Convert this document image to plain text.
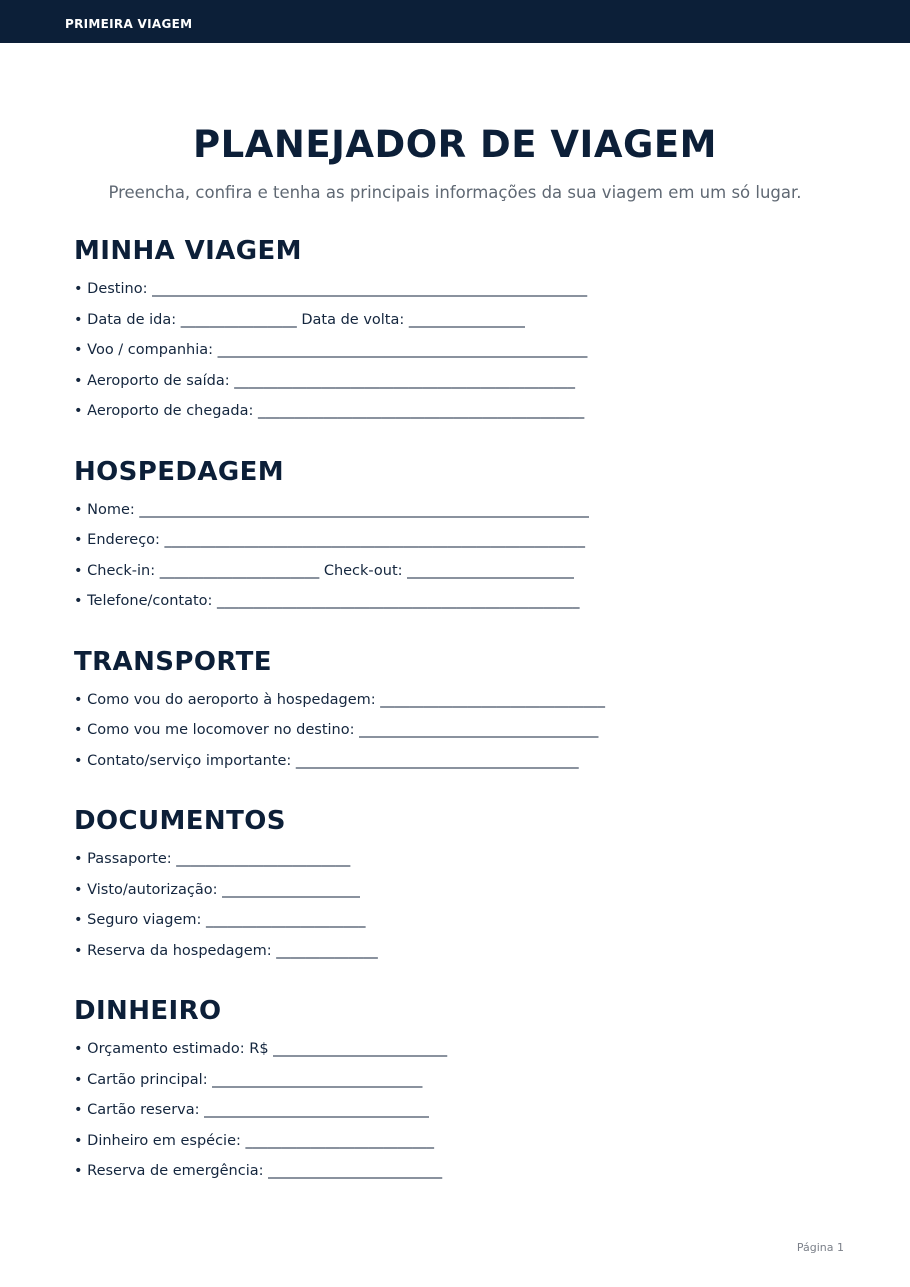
PRIMEIRA VIAGEM
PLANEJADOR DE VIAGEM
Preencha, confira e tenha as principais informações da sua viagem em um só lugar.
MINHA VIAGEM
• Destino: ____________________________________________________________
• Data de ida: ________________ Data de volta: ________________
• Voo / companhia: ___________________________________________________
• Aeroporto de saída: _______________________________________________
• Aeroporto de chegada: _____________________________________________
HOSPEDAGEM
• Nome: ______________________________________________________________
• Endereço: __________________________________________________________
• Check-in: ______________________ Check-out: _______________________
• Telefone/contato: __________________________________________________
TRANSPORTE
• Como vou do aeroporto à hospedagem: _______________________________
• Como vou me locomover no destino: _________________________________
• Contato/serviço importante: _______________________________________
DOCUMENTOS
• Passaporte: ________________________
• Visto/autorização: ___________________
• Seguro viagem: ______________________
• Reserva da hospedagem: ______________
DINHEIRO
• Orçamento estimado: R$ ________________________
• Cartão principal: _____________________________
• Cartão reserva: _______________________________
• Dinheiro em espécie: __________________________
• Reserva de emergência: ________________________
Página 1
